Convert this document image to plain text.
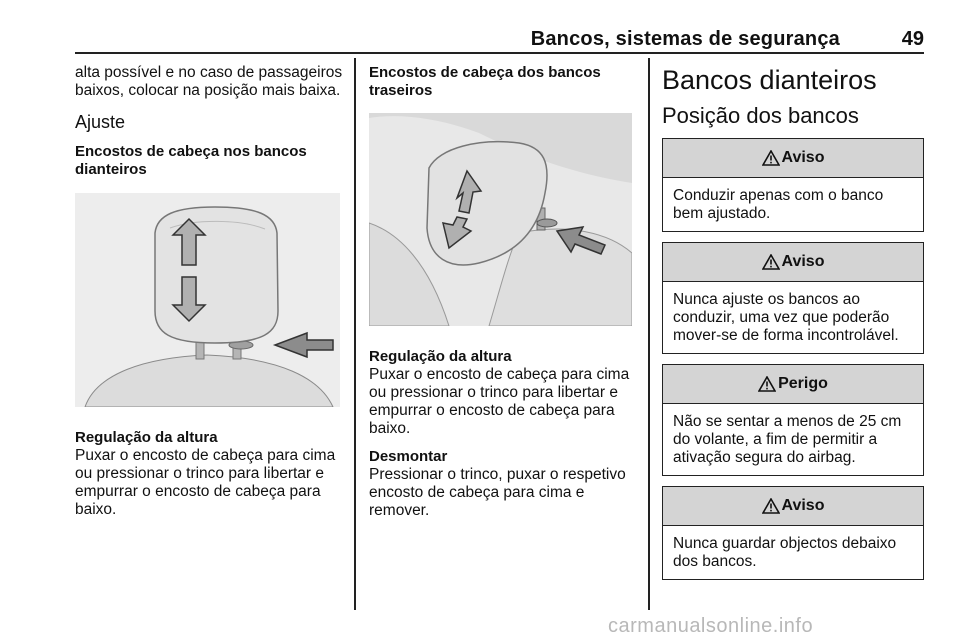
Bancos, sistemas de segurança	49

alta possível e no caso de passageiros baixos, colocar na posição mais baixa.

Ajuste
Encostos de cabeça nos bancos dianteiros
Regulação da altura

Puxar o encosto de cabeça para cima ou pressionar o trinco para libertar e empurrar o encosto de cabeça para baixo.

Encostos de cabeça dos bancos traseiros
Regulação da altura

Puxar o encosto de cabeça para cima ou pressionar o trinco para libertar e empurrar o encosto de cabeça para baixo.

Desmontar

Pressionar o trinco, puxar o respetivo encosto de cabeça para cima e remover.

Bancos dianteiros
Posição dos bancos
Aviso
Conduzir apenas com o banco bem ajustado.
Aviso
Nunca ajuste os bancos ao conduzir, uma vez que poderão mover-se de forma incontrolável.
Perigo
Não se sentar a menos de 25 cm do volante, a fim de permitir a ativação segura do airbag.
Aviso
Nunca guardar objectos debaixo dos bancos.
carmanualsonline.info
